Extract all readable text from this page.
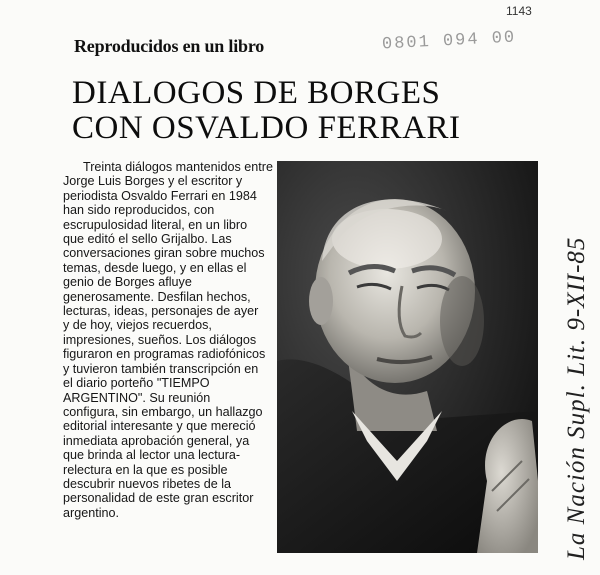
1143
0801 094 00
Reproducidos en un libro
DIALOGOS DE BORGES
CON OSVALDO FERRARI
Treinta diálogos mantenidos entre
Jorge Luis Borges y el escritor y
periodista Osvaldo Ferrari en 1984
han sido reproducidos, con
escrupulosidad literal, en un libro
que editó el sello Grijalbo. Las
conversaciones giran sobre muchos
temas, desde luego, y en ellas el
genio de Borges afluye
generosamente. Desfilan hechos,
lecturas, ideas, personajes de ayer
y de hoy, viejos recuerdos,
impresiones, sueños. Los diálogos
figuraron en programas radiofónicos
y tuvieron también transcripción en
el diario porteño "TIEMPO
ARGENTINO". Su reunión
configura, sin embargo, un hallazgo
editorial interesante y que mereció
inmediata aprobación general, ya
que brinda al lector una lectura-
relectura en la que es posible
descubrir nuevos ribetes de la
personalidad de este gran escritor
argentino.	La Nación Supl. Lit. 9-XII-85
